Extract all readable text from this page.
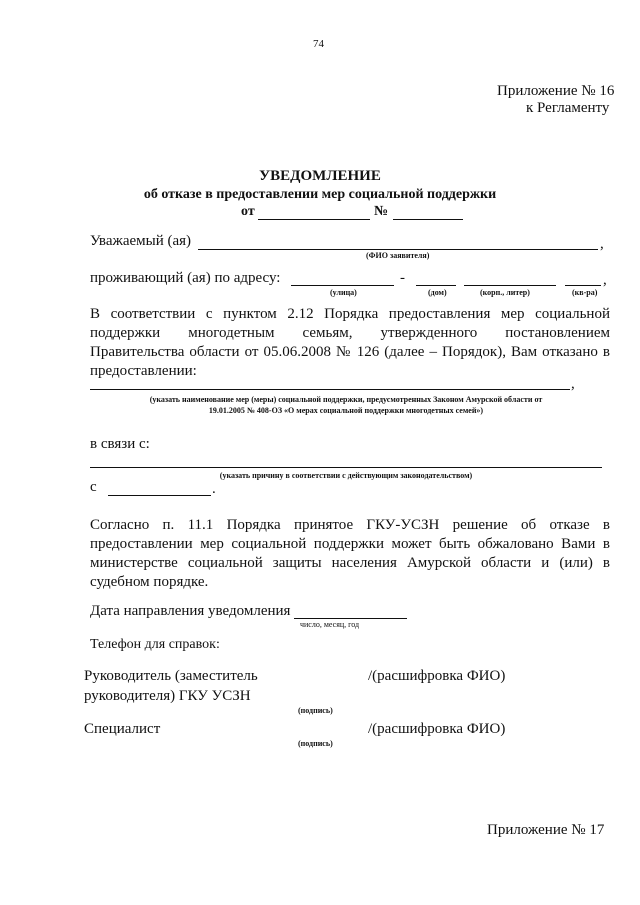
74
Приложение № 16
к Регламенту
УВЕДОМЛЕНИЕ
об отказе в предоставлении мер социальной поддержки
от	№
Уважаемый (ая)	,
(ФИО заявителя)
проживающий (ая) по адресу:	-	,
(улица)	(дом)	(корп., литер)	(кв-ра)
В соответствии с пунктом 2.12 Порядка предоставления мер социальной
поддержки многодетным семьям, утвержденного постановлением
Правительства области от 05.06.2008 № 126 (далее – Порядок), Вам отказано в
предоставлении:
,
(указать наименование мер (меры) социальной поддержки, предусмотренных Законом Амурской области от
19.01.2005 № 408-ОЗ «О мерах социальной поддержки многодетных семей»)
в связи с:
(указать причину в соответствии с действующим законодательством)
с	.
Согласно п. 11.1 Порядка принятое ГКУ-УСЗН решение об отказе в
предоставлении мер социальной поддержки может быть обжаловано Вами в
министерстве социальной защиты населения Амурской области и (или) в
судебном порядке.
Дата направления уведомления
число, месяц, год
Телефон для справок:
Руководитель (заместитель
руководителя) ГКУ УСЗН
/(расшифровка ФИО)
(подпись)
Специалист	/(расшифровка ФИО)
(подпись)
Приложение № 17
